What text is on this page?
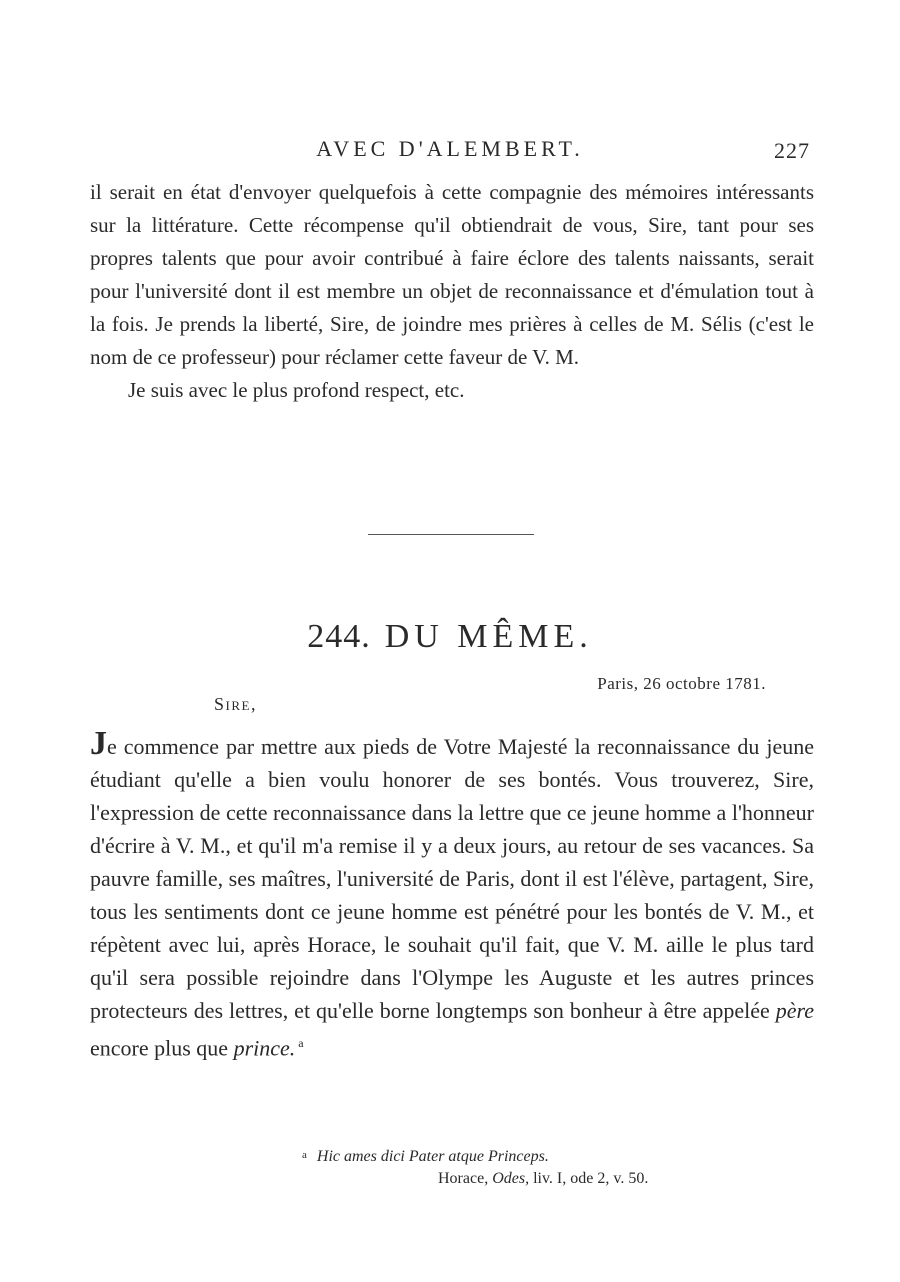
AVEC D'ALEMBERT.	227

il serait en état d'envoyer quelquefois à cette compagnie des mémoires intéressants sur la littérature. Cette récompense qu'il obtiendrait de vous, Sire, tant pour ses propres talents que pour avoir contribué à faire éclore des talents naissants, serait pour l'université dont il est membre un objet de reconnaissance et d'émulation tout à la fois. Je prends la liberté, Sire, de joindre mes prières à celles de M. Sélis (c'est le nom de ce professeur) pour réclamer cette faveur de V. M.

Je suis avec le plus profond respect, etc.

244. DU MÊME.
Paris, 26 octobre 1781.
Sire,

Je commence par mettre aux pieds de Votre Majesté la reconnaissance du jeune étudiant qu'elle a bien voulu honorer de ses bontés. Vous trouverez, Sire, l'expression de cette reconnaissance dans la lettre que ce jeune homme a l'honneur d'écrire à V. M., et qu'il m'a remise il y a deux jours, au retour de ses vacances. Sa pauvre famille, ses maîtres, l'université de Paris, dont il est l'élève, partagent, Sire, tous les sentiments dont ce jeune homme est pénétré pour les bontés de V. M., et répètent avec lui, après Horace, le souhait qu'il fait, que V. M. aille le plus tard qu'il sera possible rejoindre dans l'Olympe les Auguste et les autres princes protecteurs des lettres, et qu'elle borne longtemps son bonheur à être appelée père encore plus que prince. $^a$

a Hic ames dici Pater atque Princeps.
Horace, Odes, liv. I, ode 2, v. 50.
